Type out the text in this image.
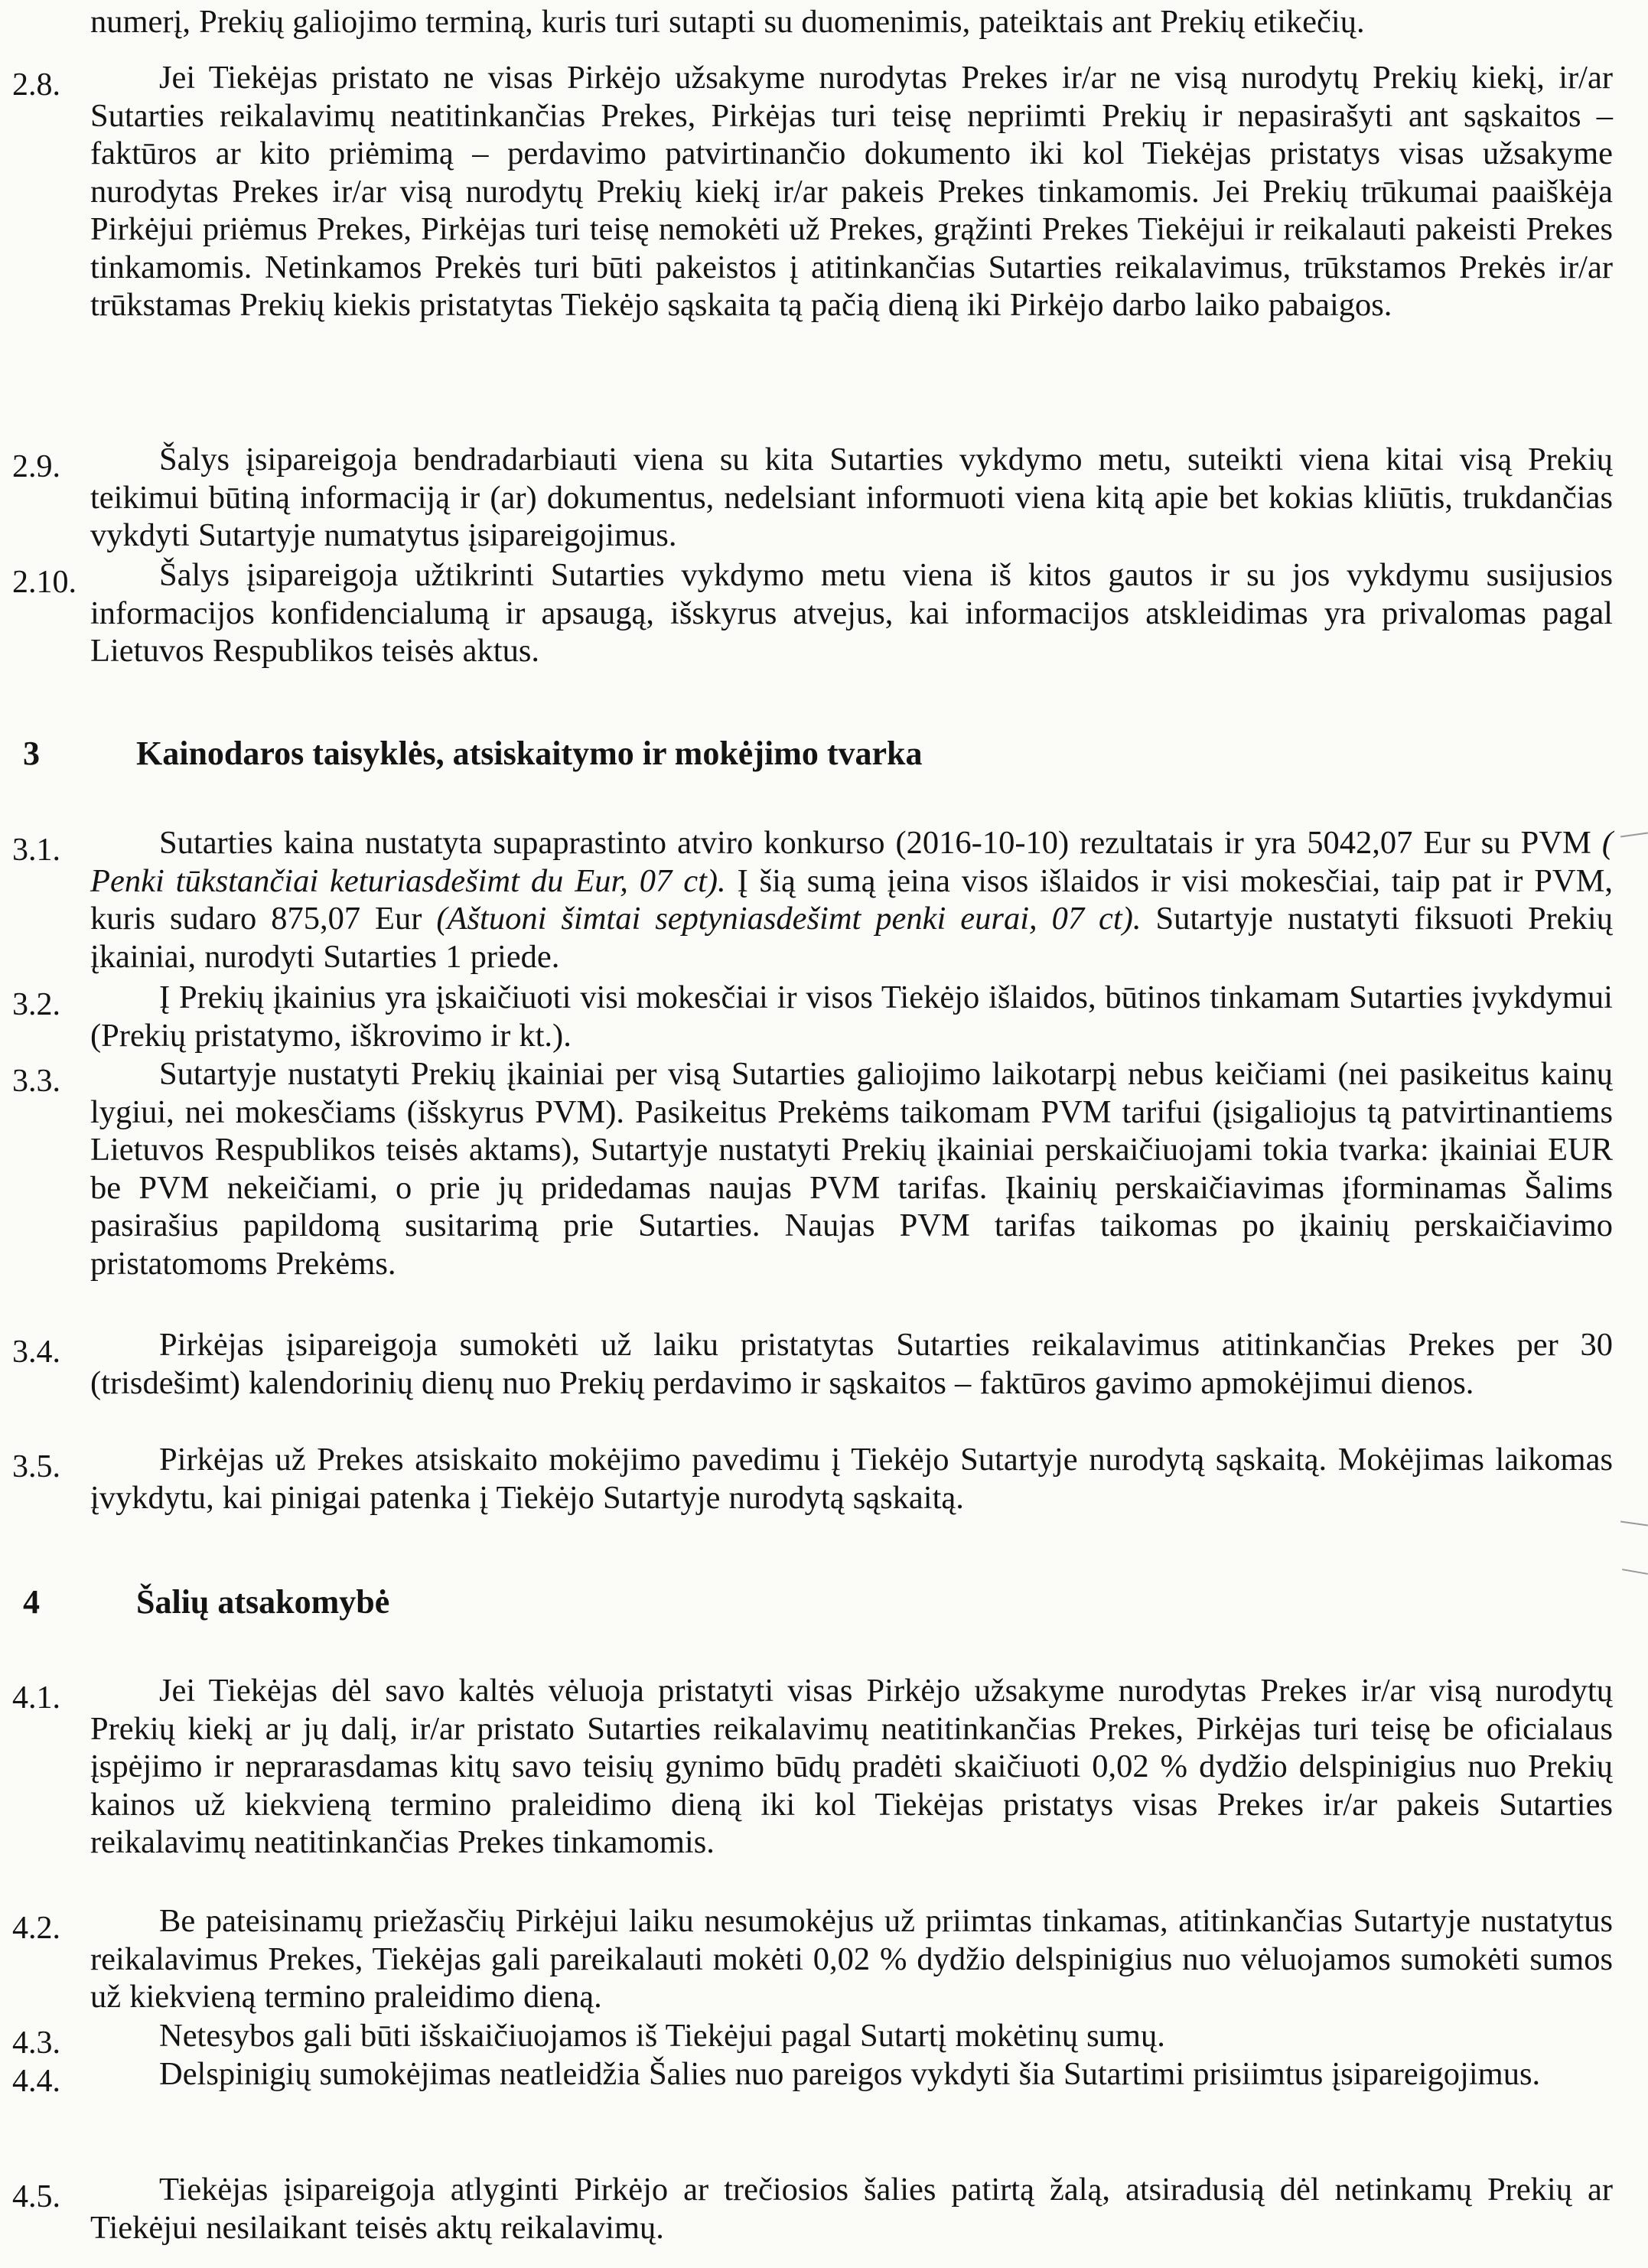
numerį, Prekių galiojimo terminą, kuris turi sutapti su duomenimis, pateiktais ant Prekių etikečių.
2.8.	Jei Tiekėjas pristato ne visas Pirkėjo užsakyme nurodytas Prekes ir/ar ne visą nurodytų Prekių kiekį, ir/ar Sutarties reikalavimų neatitinkančias Prekes, Pirkėjas turi teisę nepriimti Prekių ir nepasirašyti ant sąskaitos – faktūros ar kito priėmimą – perdavimo patvirtinančio dokumento iki kol Tiekėjas pristatys visas užsakyme nurodytas Prekes ir/ar visą nurodytų Prekių kiekį ir/ar pakeis Prekes tinkamomis. Jei Prekių trūkumai paaiškėja Pirkėjui priėmus Prekes, Pirkėjas turi teisę nemokėti už Prekes, grąžinti Prekes Tiekėjui ir reikalauti pakeisti Prekes tinkamomis. Netinkamos Prekės turi būti pakeistos į atitinkančias Sutarties reikalavimus, trūkstamos Prekės ir/ar trūkstamas Prekių kiekis pristatytas Tiekėjo sąskaita tą pačią dieną iki Pirkėjo darbo laiko pabaigos.
2.9.	Šalys įsipareigoja bendradarbiauti viena su kita Sutarties vykdymo metu, suteikti viena kitai visą Prekių teikimui būtiną informaciją ir (ar) dokumentus, nedelsiant informuoti viena kitą apie bet kokias kliūtis, trukdančias vykdyti Sutartyje numatytus įsipareigojimus.
2.10.	Šalys įsipareigoja užtikrinti Sutarties vykdymo metu viena iš kitos gautos ir su jos vykdymu susijusios informacijos konfidencialumą ir apsaugą, išskyrus atvejus, kai informacijos atskleidimas yra privalomas pagal Lietuvos Respublikos teisės aktus.
3	Kainodaros taisyklės, atsiskaitymo ir mokėjimo tvarka
3.1.	Sutarties kaina nustatyta supaprastinto atviro konkurso (2016-10-10) rezultatais ir yra 5042,07 Eur su PVM ( Penki tūkstančiai keturiasdešimt du Eur, 07 ct). Į šią sumą įeina visos išlaidos ir visi mokesčiai, taip pat ir PVM, kuris sudaro 875,07 Eur (Aštuoni šimtai septyniasdešimt penki eurai, 07 ct). Sutartyje nustatyti fiksuoti Prekių įkainiai, nurodyti Sutarties 1 priede.
3.2.	Į Prekių įkainius yra įskaičiuoti visi mokesčiai ir visos Tiekėjo išlaidos, būtinos tinkamam Sutarties įvykdymui (Prekių pristatymo, iškrovimo ir kt.).
3.3.	Sutartyje nustatyti Prekių įkainiai per visą Sutarties galiojimo laikotarpį nebus keičiami (nei pasikeitus kainų lygiui, nei mokesčiams (išskyrus PVM). Pasikeitus Prekėms taikomam PVM tarifui (įsigaliojus tą patvirtinantiems Lietuvos Respublikos teisės aktams), Sutartyje nustatyti Prekių įkainiai perskaičiuojami tokia tvarka: įkainiai EUR be PVM nekeičiami, o prie jų pridedamas naujas PVM tarifas. Įkainių perskaičiavimas įforminamas Šalims pasirašius papildomą susitarimą prie Sutarties. Naujas PVM tarifas taikomas po įkainių perskaičiavimo pristatomoms Prekėms.
3.4.	Pirkėjas įsipareigoja sumokėti už laiku pristatytas Sutarties reikalavimus atitinkančias Prekes per 30 (trisdešimt) kalendorinių dienų nuo Prekių perdavimo ir sąskaitos – faktūros gavimo apmokėjimui dienos.
3.5.	Pirkėjas už Prekes atsiskaito mokėjimo pavedimu į Tiekėjo Sutartyje nurodytą sąskaitą. Mokėjimas laikomas įvykdytu, kai pinigai patenka į Tiekėjo Sutartyje nurodytą sąskaitą.
4	Šalių atsakomybė
4.1.	Jei Tiekėjas dėl savo kaltės vėluoja pristatyti visas Pirkėjo užsakyme nurodytas Prekes ir/ar visą nurodytų Prekių kiekį ar jų dalį, ir/ar pristato Sutarties reikalavimų neatitinkančias Prekes, Pirkėjas turi teisę be oficialaus įspėjimo ir neprarasdamas kitų savo teisių gynimo būdų pradėti skaičiuoti 0,02 % dydžio delspinigius nuo Prekių kainos už kiekvieną termino praleidimo dieną iki kol Tiekėjas pristatys visas Prekes ir/ar pakeis Sutarties reikalavimų neatitinkančias Prekes tinkamomis.
4.2.	Be pateisinamų priežasčių Pirkėjui laiku nesumokėjus už priimtas tinkamas, atitinkančias Sutartyje nustatytus reikalavimus Prekes, Tiekėjas gali pareikalauti mokėti 0,02 % dydžio delspinigius nuo vėluojamos sumokėti sumos už kiekvieną termino praleidimo dieną.
4.3.	Netesybos gali būti išskaičiuojamos iš Tiekėjui pagal Sutartį mokėtinų sumų.
4.4.	Delspinigių sumokėjimas neatleidžia Šalies nuo pareigos vykdyti šia Sutartimi prisiimtus įsipareigojimus.
4.5.	Tiekėjas įsipareigoja atlyginti Pirkėjo ar trečiosios šalies patirtą žalą, atsiradusią dėl netinkamų Prekių ar Tiekėjui nesilaikant teisės aktų reikalavimų.
